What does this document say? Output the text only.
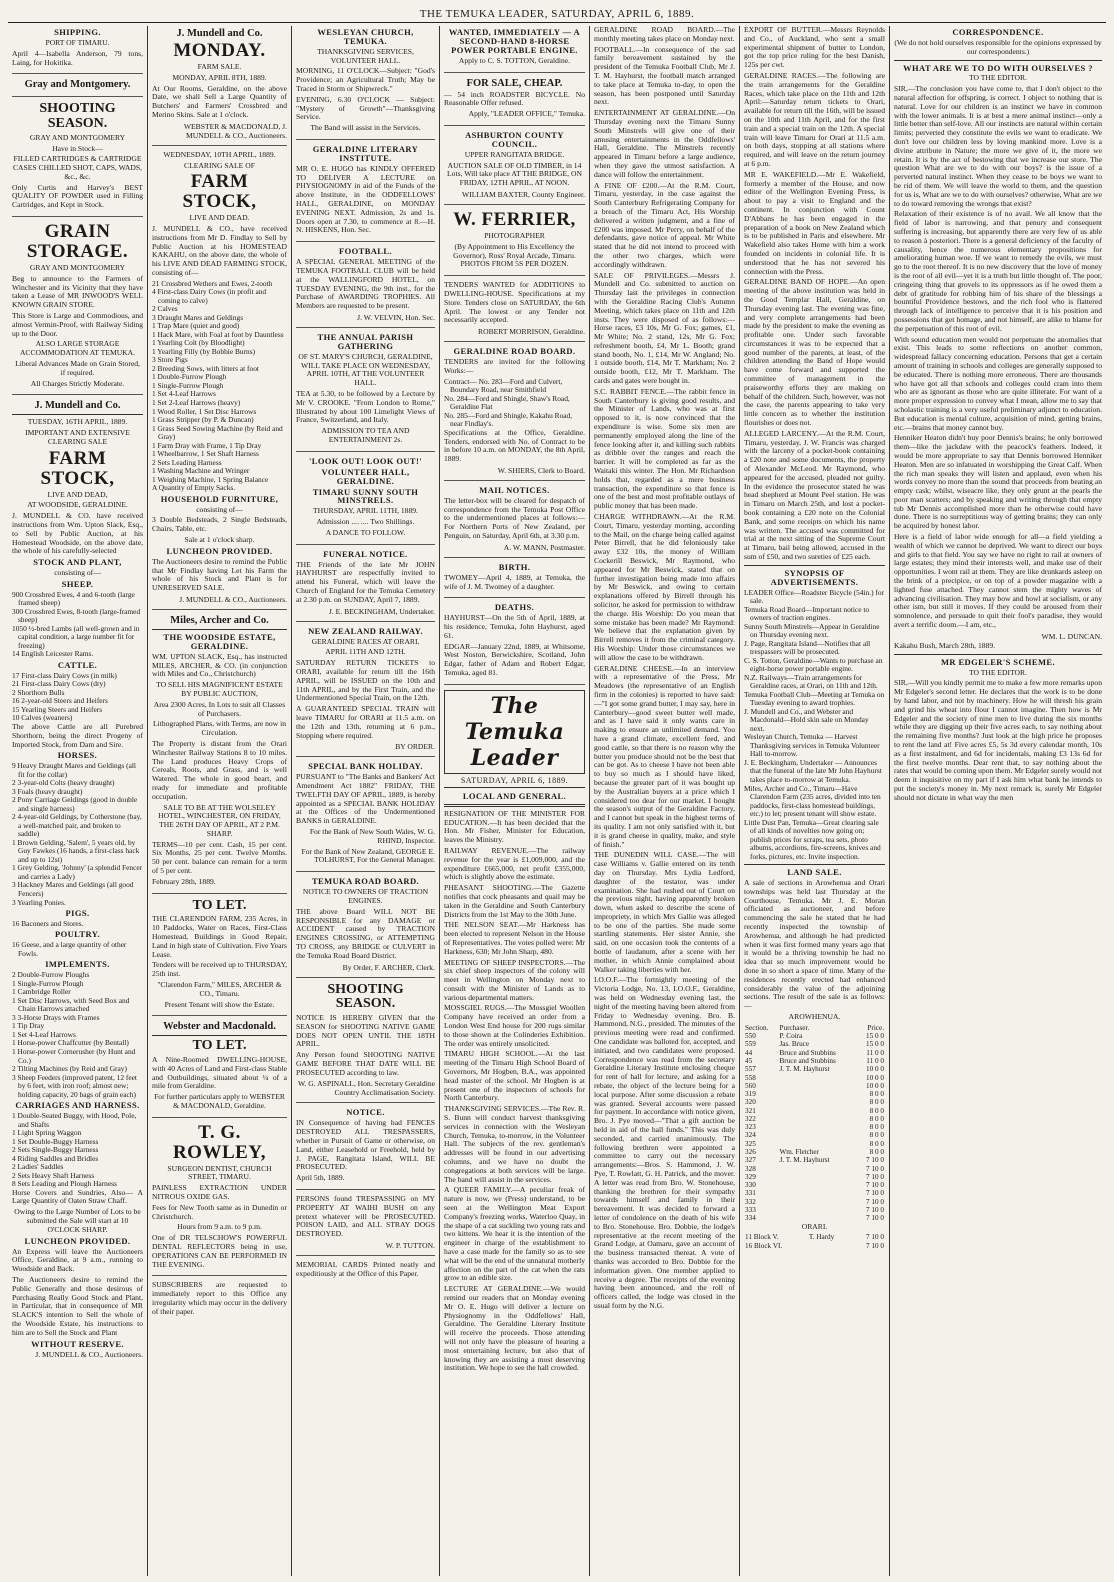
THE TEMUKA LEADER, SATURDAY, APRIL 6, 1889.
SHIPPING.
PORT OF TIMARU.
April 4—Isabella Anderson, 79 tons, Laing, for Hokitika.
Gray and Montgomery.
SHOOTING SEASON.
GRAY AND MONTGOMERY
Have in Stock—
FILLED CARTRIDGES & CARTRIDGE CASES CHILLED SHOT, CAPS, WADS, &c., &c.
Only Curtis and Harvey's BEST QUALITY OF POWDER used in Filling Cartridges, and Kept in Stock.
GRAIN STORAGE.
GRAY AND MONTGOMERY
Beg to announce to the Farmers of Winchester and its Vicinity that they have taken a Lease of MR INWOOD'S WELL KNOWN GRAIN STORE.
This Store is Large and Commodious, and almost Vermin-Proof, with Railway Siding up to the Door.
ALSO LARGE STORAGE ACCOMMODATION AT TEMUKA.
Liberal Advances Made on Grain Stored, if required.
All Charges Strictly Moderate.
J. Mundell and Co.
TUESDAY, 16TH APRIL, 1889.
IMPORTANT AND EXTENSIVE CLEARING SALE
FARM STOCK,
LIVE AND DEAD,
AT WOODSIDE, GERALDINE.
J. MUNDELL & CO. have received instructions from Wm. Upton Slack, Esq., to Sell by Public Auction, at his Homestead Woodside, on the above date, the whole of his carefully-selected
STOCK AND PLANT,
consisting of—
SHEEP.
900 Crossbred Ewes, 4 and 6-tooth (large framed sheep)
300 Crossbred Ewes, 8-tooth (large-framed sheep)
1050 ½-bred Lambs (all well-grown and in capital condition, a large number fit for freezing)
14 English Leicester Rams.
CATTLE.
17 First-class Dairy Cows (in milk)
21 First-class Dairy Cows (dry)
2 Shorthorn Bulls
16 2-year-old Steers and Heifers
15 Yearling Steers and Heifers
10 Calves (weaners)
The above Cattle are all Purebred Shorthorn, being the direct Progeny of Imported Stock, from Dam and Sire.
HORSES.
9 Heavy Draught Mares and Geldings (all fit for the collar)
2 3-year-old Colts (heavy draught)
3 Foals (heavy draught)
2 Pony Carriage Geldings (good in double and single harness)
2 4-year-old Geldings, by Cotherstone (bay, a well-matched pair, and broken to saddle)
1 Brown Gelding, 'Salem', 5 years old, by Guy Fawkes (16 hands, a first-class hack and up to 12st)
1 Grey Gelding, 'Johnny' (a splendid Fencer and carries a Lady)
3 Hackney Mares and Geldings (all good Fencers)
3 Yearling Ponies.
PIGS.
16 Baconers and Stores.
POULTRY.
16 Geese, and a large quantity of other Fowls.
IMPLEMENTS.
2 Double-Furrow Ploughs
1 Single-Furrow Plough
1 Cambridge Roller
1 Set Disc Harrows, with Seed Box and Chain Harrows attached
3 3-Horse Drays with Frames
1 Tip Dray
1 Set 4-Leaf Harrows
1 Horse-power Chaffcutter (by Bentall)
1 Horse-power Cornerusher (by Hunt and Co.)
2 Tilting Machines (by Reid and Gray)
3 Sheep Feeders (improved patent, 12 feet by 6 feet, with iron roof; almost new; holding capacity, 20 bags of grain each)
CARRIAGES AND HARNESS.
1 Double-Seated Buggy, with Hood, Pole, and Shafts
1 Light Spring Waggon
1 Set Double-Buggy Harness
2 Sets Single-Buggy Harness
4 Riding Saddles and Bridles
2 Ladies' Saddles
2 Sets Heavy Shaft Harness
8 Sets Leading and Plough Harness
Horse Covers and Sundries, Also— A Large Quantity of Oaten Straw Chaff.
Owing to the Large Number of Lots to be submitted the Sale will start at 10 O'CLOCK SHARP.
LUNCHEON PROVIDED.
An Express will leave the Auctioneers Office, Geraldine, at 9 a.m., running to Woodside and Back.
The Auctioneers desire to remind the Public Generally and those desirous of Purchasing Really Good Stock and Plant, in Particular, that in consequence of MR SLACK'S intention to Sell the whole of the Woodside Estate, his instructions to him are to Sell the Stock and Plant
WITHOUT RESERVE.
J. MUNDELL & CO., Auctioneers.
J. Mundell and Co.
MONDAY.
FARM SALE.
MONDAY, APRIL 8TH, 1889.
At Our Rooms, Geraldine, on the above Date, we shall Sell a Large Quantity of Butchers' and Farmers' Crossbred and Merino Skins. Sale at 1 o'clock.
WEBSTER & MACDONALD, J. MUNDELL & CO., Auctioneers.
WEDNESDAY, 10TH APRIL, 1889.
CLEARING SALE OF
FARM STOCK,
LIVE AND DEAD.
J. MUNDELL & CO., have received instructions from Mr D. Findlay to Sell by Public Auction at his HOMESTEAD KAKAHU, on the above date, the whole of his LIVE AND DEAD FARMING STOCK, consisting of—
21 Crossbred Wethers and Ewes, 2-tooth
4 First-class Dairy Cows (in profit and coming to calve)
2 Calves
3 Draught Mares and Geldings
1 Trap Mare (quiet and good)
1 Hack Mare, with Foal at foot by Dauntless
1 Yearling Colt (by Bloodlight)
1 Yearling Filly (by Bobbie Burns)
3 Store Pigs
2 Breeding Sows, with litters at foot
1 Double-Furrow Plough
1 Single-Furrow Plough
1 Set 4-Leaf Harrows
1 Set 2-Leaf Harrows (heavy)
1 Wood Roller, 1 Set Disc Harrows
1 Grass Stripper (by P. & Duncan)
1 Grass Seed Sowing Machine (by Reid and Gray)
1 Farm Dray with Frame, 1 Tip Dray
1 Wheelbarrow, 1 Set Shaft Harness
2 Sets Leading Harness
1 Washing Machine and Wringer
1 Weighing Machine, 1 Spring Balance
A Quantity of Empty Sacks.
HOUSEHOLD FURNITURE,
consisting of—
3 Double Bedsteads, 2 Single Bedsteads, Chairs, Table, etc.
Sale at 1 o'clock sharp.
LUNCHEON PROVIDED.
The Auctioneers desire to remind the Public that Mr Findlay having Let his Farm the whole of his Stock and Plant is for UNRESERVED SALE.
J. MUNDELL & CO., Auctioneers.
Miles, Archer and Co.
THE WOODSIDE ESTATE, GERALDINE.
WM. UPTON SLACK, Esq., has instructed MILES, ARCHER, & CO. (in conjunction with Miles and Co., Christchurch)
TO SELL HIS MAGNIFICENT ESTATE BY PUBLIC AUCTION,
Area 2300 Acres, In Lots to suit all Classes of Purchasers.
Lithographed Plans, with Terms, are now in Circulation.
The Property is distant from the Orari Winchester Railway Stations 8 to 10 miles. The Land produces Heavy Crops of Cereals, Roots, and Grass, and is well Watered. The whole in good heart, and ready for immediate and profitable occupation.
SALE TO BE AT THE WOLSELEY HOTEL, WINCHESTER, ON FRIDAY, THE 26TH DAY OF APRIL, AT 2 P.M. SHARP.
TERMS—10 per cent. Cash, 15 per cent. Six Months, 25 per cent. Twelve Months. 50 per cent. balance can remain for a term of 5 per cent.
February 28th, 1889.
TO LET.
THE CLARENDON FARM, 235 Acres, in 10 Paddocks, Water on Races, First-Class Homestead, Buildings in Good Repair, Land in high state of Cultivation. Five Years Lease.
Tenders will be received up to THURSDAY, 25th inst.
"Clarendon Farm," MILES, ARCHER & CO., Timaru.
Present Tenant will show the Estate.
Webster and Macdonald.
TO LET.
A Nine-Roomed DWELLING-HOUSE, with 40 Acres of Land and First-class Stable and Outbuildings, situated about ¼ of a mile from Geraldine.
For further particulars apply to WEBSTER & MACDONALD, Geraldine.
T. G. ROWLEY,
SURGEON DENTIST, CHURCH STREET, TIMARU.
PAINLESS EXTRACTION UNDER NITROUS OXIDE GAS.
Fees for New Tooth same as in Dunedin or Christchurch.
Hours from 9 a.m. to 9 p.m.
One of DR TELSCHOW'S POWERFUL DENTAL REFLECTORS being in use, OPERATIONS CAN BE PERFORMED IN THE EVENING.
SUBSCRIBERS are requested to immediately report to this Office any irregularity which may occur in the delivery of their paper.
WESLEYAN CHURCH, TEMUKA.
THANKSGIVING SERVICES, VOLUNTEER HALL.
MORNING, 11 O'CLOCK—Subject: "God's Providence; an Agricultural Truth; May be Traced in Storm or Shipwreck."
EVENING, 6.30 O'CLOCK — Subject: "Mystery of Growth"—Thanksgiving Service.
The Band will assist in the Services.
GERALDINE LITERARY INSTITUTE.
MR O. E. HUGO has KINDLY OFFERED TO DELIVER A LECTURE on PHYSIOGNOMY in aid of the Funds of the above Institute, in the ODDFELLOWS' HALL, GERALDINE, on MONDAY EVENING NEXT. Admission, 2s and 1s. Doors open at 7.30, to commence at 8.—H. N. HISKENS, Hon. Sec.
FOOTBALL.
A SPECIAL GENERAL MEETING of the TEMUKA FOOTBALL CLUB will be held at the WALLINGFORD HOTEL, on TUESDAY EVENING, the 9th inst., for the Purchase of AWARDING TROPHIES. All Members are requested to be present.
J. W. VELVIN, Hon. Sec.
THE ANNUAL PARISH GATHERING
OF ST. MARY'S CHURCH, GERALDINE, WILL TAKE PLACE ON WEDNESDAY, APRIL 10TH, AT THE VOLUNTEER HALL.
TEA at 5.30, to be followed by a Lecture by Mr V. CROOKE. "From London to Rome," Illustrated by about 100 Limelight Views of France, Switzerland, and Italy.
ADMISSION TO TEA AND ENTERTAINMENT 2s.
'LOOK OUT! LOOK OUT!'
VOLUNTEER HALL, GERALDINE.
TIMARU SUNNY SOUTH MINSTRELS.
THURSDAY, APRIL 11TH, 1889.
Admission .... .... Two Shillings.
A DANCE TO FOLLOW.
FUNERAL NOTICE.
THE Friends of the late Mr JOHN HAYHURST are respectfully invited to attend his Funeral, which will leave the Church of England for the Temuka Cemetery at 2.30 p.m. on SUNDAY, April 7, 1889.
J. E. BECKINGHAM, Undertaker.
NEW ZEALAND RAILWAY.
GERALDINE RACES AT ORARI.
APRIL 11TH AND 12TH.
SATURDAY RETURN TICKETS to ORARI, available for return till the 16th APRIL, will be ISSUED on the 10th and 11th APRIL, and by the First Train, and the Undermentioned Special Train, on the 12th.
A GUARANTEED SPECIAL TRAIN will leave TIMARU for ORARI at 11.5 a.m. on the 12th and 13th, returning at 6 p.m., Stopping where required.
BY ORDER.
SPECIAL BANK HOLIDAY.
PURSUANT to "The Banks and Bankers' Act Amendment Act 1882" FRIDAY, THE TWELFTH DAY OF APRIL, 1889, is hereby appointed as a SPECIAL BANK HOLIDAY at the Offices of the Undermentioned BANKS in GERALDINE.
For the Bank of New South Wales, W. G. RHIND, Inspector.
For the Bank of New Zealand, GEORGE E. TOLHURST, For the General Manager.
TEMUKA ROAD BOARD.
NOTICE TO OWNERS OF TRACTION ENGINES.
THE above Board WILL NOT BE RESPONSIBLE for any DAMAGE or ACCIDENT caused by TRACTION ENGINES CROSSING, or ATTEMPTING TO CROSS, any BRIDGE or CULVERT in the Temuka Road Board District.
By Order, F. ARCHER, Clerk.
SHOOTING SEASON.
NOTICE IS HEREBY GIVEN that the SEASON for SHOOTING NATIVE GAME DOES NOT OPEN UNTIL THE 18TH APRIL.
Any Person found SHOOTING NATIVE GAME BEFORE THAT DATE WILL BE PROSECUTED according to law.
W. G. ASPINALL, Hon. Secretary Geraldine Country Acclimatisation Society.
NOTICE.
IN Consequence of having had FENCES DESTROYED ALL TRESPASSERS, whether in Pursuit of Game or otherwise, on Land, either Leasehold or Freehold, held by J. PAGE, Rangitata Island, WILL BE PROSECUTED.
April 5th, 1889.
PERSONS found TRESPASSING on MY PROPERTY AT WAIHI BUSH on any pretext whatever will be PROSECUTED. POISON LAID, and ALL STRAY DOGS DESTROYED.
W. P. TUTTON.
MEMORIAL CARDS Printed neatly and expeditiously at the Office of this Paper.
WANTED, IMMEDIATELY — A SECOND-HAND 8-HORSE POWER PORTABLE ENGINE.
Apply to C. S. TOTTON, Geraldine.
FOR SALE, CHEAP.
— 54 inch ROADSTER BICYCLE. No Reasonable Offer refused.
Apply, "LEADER OFFICE," Temuka.
ASHBURTON COUNTY COUNCIL.
UPPER RANGITATA BRIDGE.
AUCTION SALE OF OLD TIMBER, in 14 Lots, Will take place AT THE BRIDGE, ON FRIDAY, 12TH APRIL, AT NOON.
WILLIAM BAXTER, County Engineer.
W. FERRIER,
PHOTOGRAPHER
(By Appointment to His Excellency the Governor), Ross' Royal Arcade, Timaru. PHOTOS FROM 5S PER DOZEN.
TENDERS WANTED for ADDITIONS to DWELLING-HOUSE. Specifications at my Store. Tenders close on SATURDAY, the 6th April. The lowest or any Tender not necessarily accepted.
ROBERT MORRISON, Geraldine.
GERALDINE ROAD BOARD.
TENDERS are invited for the following Works:—
Contract— No. 283—Ford and Culvert, Boundary Road, near Smithfield
No. 284—Ford and Shingle, Shaw's Road, Geraldine Flat
No. 285—Ford and Shingle, Kakahu Road, near Findlay's.
Specifications at the Office, Geraldine. Tenders, endorsed with No. of Contract to be in before 10 a.m. on MONDAY, the 8th April, 1889.
W. SHIERS, Clerk to Board.
MAIL NOTICES.
The letter-box will be cleared for despatch of correspondence from the Temuka Post Office to the undermentioned places at follows:— For Northern Ports of New Zealand, per Penguin, on Saturday, April 6th, at 3.30 p.m.
A. W. MANN, Postmaster.
BIRTH.
TWOMEY—April 4, 1889, at Temuka, the wife of J. M. Twomey of a daughter.
DEATHS.
HAYHURST—On the 5th of April, 1889, at his residence, Temuka, John Hayhurst, aged 61.
EDGAR—January 22nd, 1889, at Whitsome, West Noston, Berwickshire, Scotland, John Edgar, father of Adam and Robert Edgar, Temuka, aged 81.
The Temuka Leader
SATURDAY, APRIL 6, 1889.
LOCAL AND GENERAL.
RESIGNATION OF THE MINISTER FOR EDUCATION.—It has been decided that the Hon. Mr Fisher, Minister for Education, leaves the Ministry.
RAILWAY REVENUE.—The railway revenue for the year is £1,009,000, and the expenditure £665,000, net profit £355,000, which is slightly above the estimate.
PHEASANT SHOOTING.—The Gazette notifies that cock pheasants and quail may be taken in the Geraldine and South Canterbury Districts from the 1st May to the 30th June.
THE NELSON SEAT.—Mr Harkness has been elected to represent Nelson in the House of Representatives. The votes polled were: Mr Harkness, 630; Mr John Sharp, 480.
MEETING OF SHEEP INSPECTORS.—The six chief sheep inspectors of the colony will meet in Wellington on Monday next to consult with the Minister of Lands as to various departmental matters.
MOSSGIEL RUGS.—The Mossgiel Woollen Company have received an order from a London West End house for 200 rugs similar to those shown at the Colinderies Exhibition. The order was entirely unsolicited.
TIMARU HIGH SCHOOL.—At the last meeting of the Timaru High School Board of Governors, Mr Hogben, B.A., was appointed head master of the school. Mr Hogben is at present one of the inspectors of schools for North Canterbury.
THANKSGIVING SERVICES.—The Rev. R. S. Bunn will conduct harvest thanksgiving services in connection with the Wesleyan Church, Temuka, to-morrow, in the Volunteer Hall. The subjects of the rev. gentleman's addresses will be found in our advertising columns, and we have no doubt the congregations at both services will be large. The band will assist in the services.
A QUEER FAMILY.—A peculiar freak of nature is now, we (Press) understand, to be seen at the Wellington Meat Export Company's freezing works, Waterloo Quay, in the shape of a cat suckling two young rats and two kittens. We hear it is the intention of the engineer in charge of the establishment to have a case made for the family so as to see what will be the end of the unnatural motherly affection on the part of the cat when the rats grow to an edible size.
LECTURE AT GERALDINE.—We would remind our readers that on Monday evening Mr O. E. Hugo will deliver a lecture on Physiognomy in the Oddfellows' Hall, Geraldine. The Geraldine Literary Institute will receive the proceeds. Those attending will not only have the pleasure of hearing a most entertaining lecture, but also that of knowing they are assisting a most deserving institution. We hope to see the hall crowded.
GERALDINE ROAD BOARD.—The monthly meeting takes place on Monday next.
FOOTBALL.—In consequence of the sad family bereavement sustained by the president of the Temuka Football Club, Mr J. T. M. Hayhurst, the football match arranged to take place at Temuka to-day, to open the season, has been postponed until Saturday next.
ENTERTAINMENT AT GERALDINE.—On Thursday evening next the Timaru Sunny South Minstrels will give one of their amusing entertainments in the Oddfellows' Hall, Geraldine. The Minstrels recently appeared in Timaru before a large audience, when they gave the utmost satisfaction. A dance will follow the entertainment.
A FINE OF £200.—At the R.M. Court, Timaru, yesterday, in the case against the South Canterbury Refrigerating Company for a breach of the Timaru Act, His Worship delivered a written judgment, and a fine of £200 was imposed. Mr Perry, on behalf of the defendants, gave notice of appeal. Mr White stated that he did not intend to proceed with the other two charges, which were accordingly withdrawn.
SALE OF PRIVILEGES.—Messrs J. Mundell and Co. submitted to auction on Thursday last the privileges in connection with the Geraldine Racing Club's Autumn Meeting, which takes place on 11th and 12th insts. They were disposed of as follows:—Horse races, £3 10s, Mr G. Fox; games, £1, Mr White; No. 2 stand, 12s, Mr G. Fox; refreshment booth, £4, Mr L. Booth; grand stand booth, No. 1, £14, Mr W. Angland; No. 1 outside booth, £14, Mr T. Markham; No. 2 outside booth, £12, Mr T. Markham. The cards and gates were bought in.
S.C. RABBIT FENCE.—The rabbit fence in South Canterbury is giving good results, and the Minister of Lands, who was at first opposed to it, is now convinced that the expenditure is wise. Some six men are permanently employed along the line of the fence looking after it, and killing such rabbits as dribble over the ranges and reach the barrier. It will be completed as far as the Waitaki this winter. The Hon. Mr Richardson holds that, regarded as a mere business transaction, the expenditure so that fence is one of the best and most profitable outlays of public money that has been made.
CHARGE WITHDRAWN.—At the R.M. Court, Timaru, yesterday morning, according to the Mail, on the charge being called against Peter Birrell, that he did feloniously take away £32 10s, the money of William Cockerill Beswick, Mr Raymond, who appeared for Mr Beswick, stated that on further investigation being made into affairs by Mr Beswick, and owing to certain explanations offered by Birrell through his solicitor, he asked for permission to withdraw the charge. His Worship: Do you mean that some mistake has been made? Mr Raymond: We believe that the explanation given by Birrell removes it from the criminal category. His Worship: Under those circumstances we will allow the case to be withdrawn.
GERALDINE CHEESE.—In an interview with a representative of the Press, Mr Meadows (the representative of an English firm in the colonies) is reported to have said:—"I got some grand butter, I may say, here in Canterbury—good sweet butter well made, and as I have said it only wants care in making to ensure an unlimited demand. You have a grand climate, excellent feed, and good cattle, so that there is no reason why the butter you produce should not be the best that can be got. As to cheese I have not been able to buy so much as I should have liked, because the greater part of it was bought up by the Australian buyers at a price which I considered too dear for our market. I bought the season's output of the Geraldine Factory, and I cannot but speak in the highest terms of its quality. I am not only satisfied with it, but it is grand cheese in quality, make, and style of finish."
THE DUNEDIN WILL CASE.—The will case Williams v. Gallie entered on its tenth day on Thursday. Mrs Lydia Ledford, daughter of the testator, was under examination. She had rushed out of Court on the previous night, having apparently broken down, when asked to describe the scene of impropriety, in which Mrs Gallie was alleged to be one of the parties. She made some startling statements. Her sister Annie, she said, on one occasion took the contents of a bottle of laudanum, after a scene with her mother, in which Annie complained about Walker taking liberties with her.
I.O.O.F.—The fortnightly meeting of the Victoria Lodge, No. 13, I.O.O.F., Geraldine, was held on Wednesday evening last, the night of the meeting having been altered from Friday to Wednesday evening. Bro. B. Hammond, N.G., presided. The minutes of the previous meeting were read and confirmed. One candidate was balloted for, accepted, and initiated, and two candidates were proposed. Correspondence was read from the secretary Geraldine Literary Institute enclosing cheque for rent of hall for lecture, and asking for a rebate, the object of the lecture being for a local purpose. After some discussion a rebate was granted. Several accounts were passed for payment. In accordance with notice given, Bro. J. Pye moved—"That a gift auction be held in aid of the hall funds." This was duly seconded, and carried unanimously. The following brethren were appointed a committee to carry out the necessary arrangements:—Bros. S. Hammond, J. W. Pye, T. Rowlatt, G. H. Patrick, and the mover. A letter was read from Bro. W. Stonehouse, thanking the brethren for their sympathy towards himself and family in their bereavement. It was decided to forward a letter of condolence on the death of his wife to Bro. Stonehouse. Bro. Dobbie, the lodge's representative at the recent meeting of the Grand Lodge, at Oamaru, gave an account of the business transacted thereat. A vote of thanks was accorded to Bro. Dobbie for the information given. One member applied to receive a degree. The receipts of the evening having been announced, and the roll of officers called, the lodge was closed in the usual form by the N.G.
EXPORT OF BUTTER.—Messrs Reynolds and Co., of Auckland, who sent a small experimental shipment of butter to London, got the top price ruling for the best Danish, 125s per cwt.
GERALDINE RACES.—The following are the train arrangements for the Geraldine Races, which take place on the 11th and 12th April:—Saturday return tickets to Orari, available for return till the 16th, will be issued on the 10th and 11th April, and for the first train and a special train on the 12th. A special train will leave Timaru for Orari at 11.5 a.m. on both days, stopping at all stations where required, and will leave on the return journey at 6 p.m.
MR E. WAKEFIELD.—Mr E. Wakefield, formerly a member of the House, and now editor of the Wellington Evening Press, is about to pay a visit to England and the continent. In conjunction with Count D'Abbans he has been engaged in the preparation of a book on New Zealand which is to be published in Paris and elsewhere. Mr Wakefield also takes Home with him a work founded on incidents in colonial life. It is understood that he has not severed his connection with the Press.
GERALDINE BAND OF HOPE.—An open meeting of the above institution was held in the Good Templar Hall, Geraldine, on Thursday evening last. The evening was fine, and very complete arrangements had been made by the president to make the evening as profitable one. Under such favorable circumstances it was to be expected that a good number of the parents, at least, of the children attending the Band of Hope would have come forward and supported the committee of management in the praiseworthy efforts they are making on behalf of the children. Such, however, was not the case, the parents appearing to take very little concern as to whether the institution flourishes or does not.
ALLEGED LARCENY.—At the R.M. Court, Timaru, yesterday, J. W. Francis was charged with the larceny of a pocket-book containing a £20 note and some documents, the property of Alexander McLeod. Mr Raymond, who appeared for the accused, pleaded not guilty. In the evidence the prosecutor stated he was head shepherd at Mount Peel station. He was in Timaru on March 25th, and lost a pocket-book containing a £20 note on the Colonial Bank, and some receipts on which his name was written. The accused was committed for trial at the next sitting of the Supreme Court at Timaru, bail being allowed, accused in the sum of £50, and two sureties of £25 each.
SYNOPSIS OF ADVERTISEMENTS.
LEADER Office—Roadster Bicycle (54in.) for sale.
Temuka Road Board—Important notice to owners of traction engines.
Sunny South Minstrels—Appear in Geraldine on Thursday evening next.
J. Page, Rangitata Island—Notifies that all trespassers will be prosecuted.
C. S. Totton, Geraldine—Wants to purchase an eight-horse power portable engine.
N.Z. Railways—Train arrangements for Geraldine races, at Orari, on 11th and 12th.
Temuka Football Club—Meeting at Temuka on Tuesday evening to award trophies.
J. Mundell and Co., and Webster and Macdonald—Hold skin sale on Monday next.
Wesleyan Church, Temuka — Harvest Thanksgiving services in Temuka Volunteer Hall to-morrow.
J. E. Beckingham, Undertaker — Announces that the funeral of the late Mr John Hayhurst takes place to-morrow at Temuka.
Miles, Archer and Co., Timaru—Have Clarendon Farm (235 acres, divided into ten paddocks, first-class homestead buildings, etc.) to let; present tenant will show estate.
Little Dust Pan, Temuka—Great clearing sale of all kinds of novelties now going on; publish prices for scraps, tea sets, photo albums, accordions, fire-screens, knives and forks, pictures, etc. Invite inspection.
LAND SALE.
A sale of sections in Arowhenua and Orari townships was held last Thursday at the Courthouse, Temuka. Mr J. E. Moran officiated as auctioneer, and before commencing the sale he stated that he had recently inspected the township of Arowhenua, and although he had predicted when it was first formed many years ago that it would be a thriving township he had no idea that so much improvement would be done in so short a space of time. Many of the residences recently erected had enhanced considerably the value of the adjoining sections. The result of the sale is as follows:—
AROWHENUA.
Section.	Purchaser.	Price.
550	P. Coira	15 0 0
559	Jas. Bruce	15 0 0
44	Bruce and Stubbins	11 0 0
45	Bruce and Stubbins	11 0 0
557	J. T. M. Hayhurst	10 0 0
558		10 0 0
560		10 0 0
319		8 0 0
320		8 0 0
321		8 0 0
322		8 0 0
323		8 0 0
324		8 0 0
325		8 0 0
326	Wm. Fletcher	8 0 0
327	J. T. M. Hayhurst	7 10 0
328		7 10 0
329		7 10 0
330		7 10 0
331		7 10 0
332		7 10 0
333		7 10 0
334		7 10 0
ORARI.
11 Block V.	T. Hardy	7 10 0
16 Block VI.		7 10 0
CORRESPONDENCE.
(We do not hold ourselves responsible for the opinions expressed by our correspondents.)
WHAT ARE WE TO DO WITH OURSELVES ?
TO THE EDITOR.
SIR,—The conclusion you have come to, that I don't object to the natural affection for offspring, is correct. I object to nothing that is natural. Love for our children is an instinct we have in common with the lower animals. It is at best a mere animal instinct—only a little better than self-love. All our instincts are natural within certain limits; perverted they constitute the evils we want to eradicate. We don't love our children less by loving mankind more. Love is a divine attribute in Nature; the more we give of it, the more we retain. It is by the act of bestowing that we increase our store. The question What are we to do with our boys? is the issue of a perverted natural instinct. When they cease to be boys we want to be rid of them. We will leave the world to them, and the question for us is, What are we to do with ourselves? otherwise, What are we to do toward removing the wrongs that exist?
Relaxation of their existence is of no avail. We all know that the field of labor is narrowing, and that penury and consequent suffering is increasing, but apparently there are very few of us able to reason à posteriori. There is a general deficiency of the faculty of causality, hence the numerous elementary propositions for ameliorating human woe. If we want to remedy the evils, we must go to the root thereof. It is no new discovery that the love of money is the root of all evil—yet it is a truth but little thought of. The poor, cringeing thing that grovels to its oppressors as if he owed them a debt of gratitude for robbing him of his share of the blessings a bountiful Providence bestows, and the rich fool who is flattered through lack of intelligence to perceive that it is his position and possessions that get homage, and not himself, are alike to blame for the perpetuation of this root of evil.
With sound education men would not perpetuate the anomalies that exist. This leads to some reflections on another common, widespread fallacy concerning education. Persons that get a certain amount of training in schools and colleges are generally supposed to be educated. There is nothing more erroneous. There are thousands who have got all that schools and colleges could cram into them who are as ignorant as those who are quite illiterate. For want of a more proper expression to convey what I mean, allow me to say that scholastic training is a very useful preliminary adjunct to education. But education is mental culture, acquisition of mind, getting brains, etc.—brains that money cannot buy.
Henniker Heaton didn't buy poor Dennis's brains; he only borrowed them—like the jackdaw with the peacock's feathers. Indeed, it would be more appropriate to say that Dennis borrowed Henniker Heaton. Men are so infatuated in worshipping the Great Calf. When the rich man speaks they will listen and applaud, even when his words convey no more than the sound that proceeds from beating an empty cask; whilst, wiseacre like, they only grunt at the pearls the poor man scatters; and by speaking and writing through that empty tub Mr Dennis accomplished more than he otherwise could have done. There is no surreptitious way of getting brains; they can only be acquired by honest labor.
Here is a field of labor wide enough for all—a field yielding a wealth of which we cannot be deprived. We want to direct our boys and girls to that field. You say we have no right to rail at owners of large estates; they mind their interests well, and make use of their opportunities. I wont rail at them. They are like drunkards asleep on the brink of a precipice, or on top of a powder magazine with a lighted fuse attached. They cannot stem the mighty waves of advancing civilisation. They may bow and howl at socialism, or any other ism, but still it moves. If they could be aroused from their somnolence, and persuade to quit their fool's paradise, they would avert a terrific doom.—I am, etc.,
WM. L. DUNCAN.
Kakahu Bush, March 28th, 1889.
MR EDGELER'S SCHEME.
TO THE EDITOR.
SIR,—Will you kindly permit me to make a few more remarks upon Mr Edgeler's second letter. He declares that the work is to be done by hand labor, and not by machinery. How he will thresh his grain and grind his wheat into flour I cannot imagine. Then how is Mr Edgeler and the society of nine men to live during the six months while they are digging up their five acres each, to say nothing about the remaining five months? Just look at the high price he proposes to rent the land at! Five acres £5, 5s 3d every calendar month, 10s as a first instalment, and 6d for incidentals, making £3 13s 6d for the first twelve months. Dear rent that, to say nothing about the rates that would be coming upon them. Mr Edgeler surely would not deem it inquisitive on my part if I ask him what bank he intends to put the society's money in. My next remark is, surely Mr Edgeler should not dictate in what way the men
